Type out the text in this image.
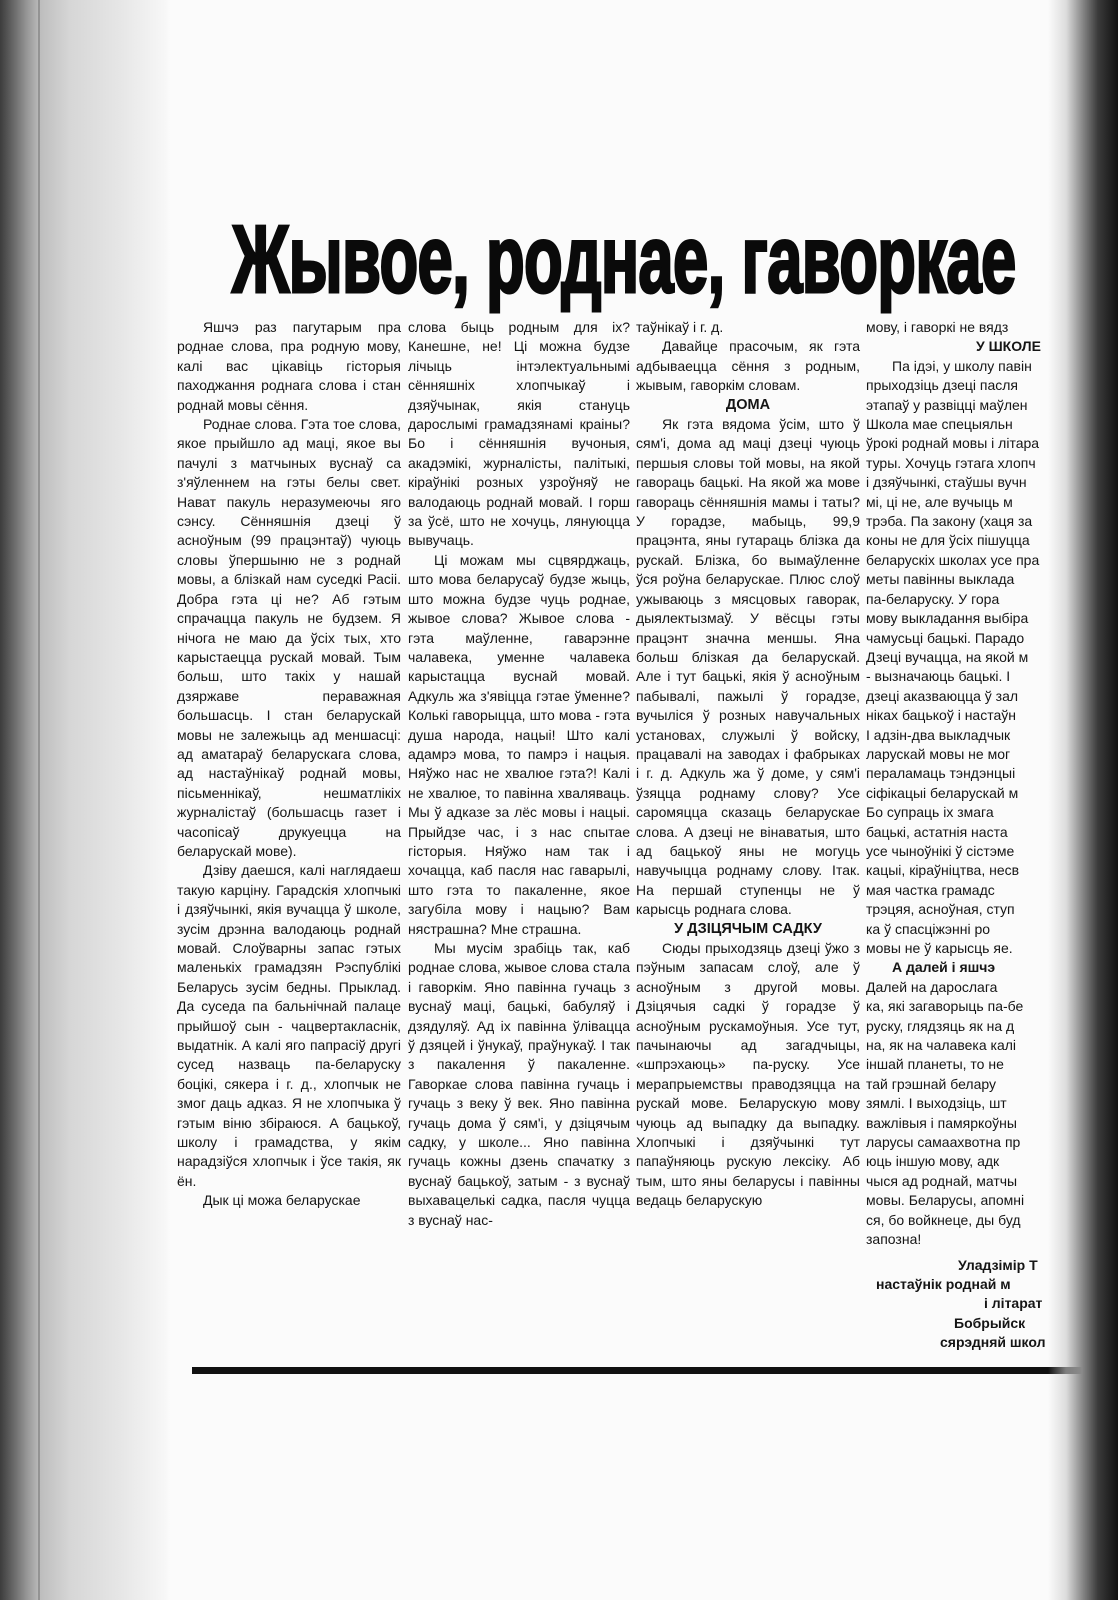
Жывое, роднае, гаворкае

Яшчэ раз пагутарым пра роднае слова, пра родную мову, калі вас цікавіць гісторыя паходжання роднага слова і стан роднай мовы сёння.

Роднае слова. Гэта тое слова, якое прыйшло ад маці, якое вы пачулі з матчыных вуснаў са з'яўленнем на гэты белы свет. Нават пакуль неразумеючы яго сэнсу. Сённяшнія дзеці ў асноўным (99 працэнтаў) чуюць словы ўпершыню не з роднай мовы, а блізкай нам суседкі Расіі. Добра гэта ці не? Аб гэтым спрачацца пакуль не будзем. Я нічога не маю да ўсіх тых, хто карыстаецца рускай мовай. Тым больш, што такіх у нашай дзяржаве пераважная большасць. І стан беларускай мовы не залежыць ад меншасці: ад аматараў беларускага слова, ад настаўнікаў роднай мовы, пісьменнікаў, нешматлікіх журналістаў (большасць газет і часопісаў друкуецца на беларускай мове).

Дзіву даешся, калі наглядаеш такую карціну. Гарадскія хлопчыкі і дзяўчынкі, якія вучацца ў школе, зусім дрэнна валодаюць роднай мовай. Слоўварны запас гэтых маленькіх грамадзян Рэспублікі Беларусь зусім бедны. Прыклад. Да суседа па бальнічнай палаце прыйшоў сын - чацвертакласнік, выдатнік. А калі яго папрасіў другі сусед назваць па-беларуску боцікі, сякера і г. д., хлопчык не змог даць адказ. Я не хлопчыка ў гэтым віню збіраюся. А бацькоў, школу і грамадства, у якім нарадзіўся хлопчык і ўсе такія, як ён.

Дык ці можа беларускае

слова быць родным для іх? Канешне, не! Ці можна будзе лічыць інтэлектуальнымі сённяшніх хлопчыкаў і дзяўчынак, якія стануць дарослымі грамадзянамі краіны? Бо і сённяшнія вучоныя, акадэмікі, журналісты, палітыкі, кіраўнікі розных узроўняў не валодаюць роднай мовай. І горш за ўсё, што не хочуць, лянуюцца вывучаць.

Ці можам мы сцвярджаць, што мова беларусаў будзе жыць, што можна будзе чуць роднае, жывое слова? Жывое слова - гэта маўленне, гаварэнне чалавека, уменне чалавека карыстацца вуснай мовай. Адкуль жа з'явіцца гэтае ўменне? Колькі гаворыцца, што мова - гэта душа народа, нацыі! Што калі адамрэ мова, то памрэ і нацыя. Няўжо нас не хвалюе гэта?! Калі не хвалюе, то павінна хваляваць. Мы ў адказе за лёс мовы і нацыі. Прыйдзе час, і з нас спытае гісторыя. Няўжо нам так і хочацца, каб пасля нас гаварылі, што гэта то пакаленне, якое загубіла мову і нацыю? Вам нястрашна? Мне страшна.

Мы мусім зрабіць так, каб роднае слова, жывое слова стала і гаворкім. Яно павінна гучаць з вуснаў маці, бацькі, бабуляў і дзядуляў. Ад іх павінна ўлівацца ў дзяцей і ўнукаў, праўнукаў. І так з пакалення ў пакаленне. Гаворкае слова павінна гучаць і гучаць з веку ў век. Яно павінна гучаць дома ў сям'і, у дзіцячым садку, у школе... Яно павінна гучаць кожны дзень спачатку з вуснаў бацькоў, затым - з вуснаў выхавацелькі садка, пасля чуцца з вуснаў нас-

таўнікаў і г. д.

Давайце прасочым, як гэта адбываецца сёння з родным, жывым, гаворкім словам.

ДОМА

Як гэта вядома ўсім, што ў сям'і, дома ад маці дзеці чуюць першыя словы той мовы, на якой гавораць бацькі. На якой жа мове гавораць сённяшнія мамы і таты? У горадзе, мабыць, 99,9 працэнта, яны гутараць блізка да рускай. Блізка, бо вымаўленне ўся роўна беларускае. Плюс слоў ужываюць з мясцовых гаворак, дыялектызмаў. У вёсцы гэты працэнт значна меншы. Яна больш блізкая да беларускай. Але і тут бацькі, якія ў асноўным пабывалі, пажылі ў горадзе, вучыліся ў розных навучальных установах, служылі ў войску, працавалі на заводах і фабрыках і г. д. Адкуль жа ў доме, у сям'і ўзяцца роднаму слову? Усе саромяцца сказаць беларускае слова. А дзеці не вінаватыя, што ад бацькоў яны не могуць навучыцца роднаму слову. Ітак. На першай ступенцы не ў карысць роднага слова.

У ДЗІЦЯЧЫМ САДКУ

Сюды прыходзяць дзеці ўжо з пэўным запасам слоў, але ў асноўным з другой мовы. Дзіцячыя садкі ў горадзе ў асноўным рускамоўныя. Усе тут, пачынаючы ад загадчыцы, «шпрэхаюць» па-руску. Усе мерапрыемствы праводзяцца на рускай мове. Беларускую мову чуюць ад выпадку да выпадку. Хлопчыкі і дзяўчынкі тут папаўняюць рускую лексіку. Аб тым, што яны беларусы і павінны ведаць беларускую

мову, і гаворкі не вядз
У ШКОЛЕ
Па ідэі, у школу павін
прыходзіць дзеці пасля
этапаў у развіцці маўлен
Школа мае спецыяльн
ўрокі роднай мовы і літара
туры. Хочуць гэтага хлопч
і дзяўчынкі, стаўшы вучн
мі, ці не, але вучыць м
трэба. Па закону (хаця за
коны не для ўсіх пішуцца
беларускіх школах усе пра
меты павінны выклада
па-беларуску. У гора
мову выкладання выбіра
чамусьці бацькі. Парадо
Дзеці вучацца, на якой м
- вызначаюць бацькі. І
дзеці аказваюцца ў зал
ніках бацькоў і настаўн
І адзін-два выкладчык
ларускай мовы не мог
пераламаць тэндэнцыі
сіфікацыі беларускай м
Бо супраць іх змага
бацькі, астатнія наста
усе чыноўнікі ў сістэме
кацыі, кіраўніцтва, несв
мая частка грамадс
трэцяя, асноўная, ступ
ка ў спасціжэнні ро
мовы не ў карысць яе.
А далей і яшчэ
Далей на дарослага
ка, які загаворыць па-бе
руску, глядзяць як на д
на, як на чалавека калі
іншай планеты, то не
тай грэшнай белару
зямлі. І выходзіць, шт
важлівыя і памяркоўны
ларусы самаахвотна пр
юць іншую мову, адк
чыся ад роднай, матчы
мовы. Беларусы, апомні
ся, бо войкнеце, ды буд
запозна!
Уладзімір Т
настаўнік роднай м
і літарат
Бобрыйск
сярэдняй школ
